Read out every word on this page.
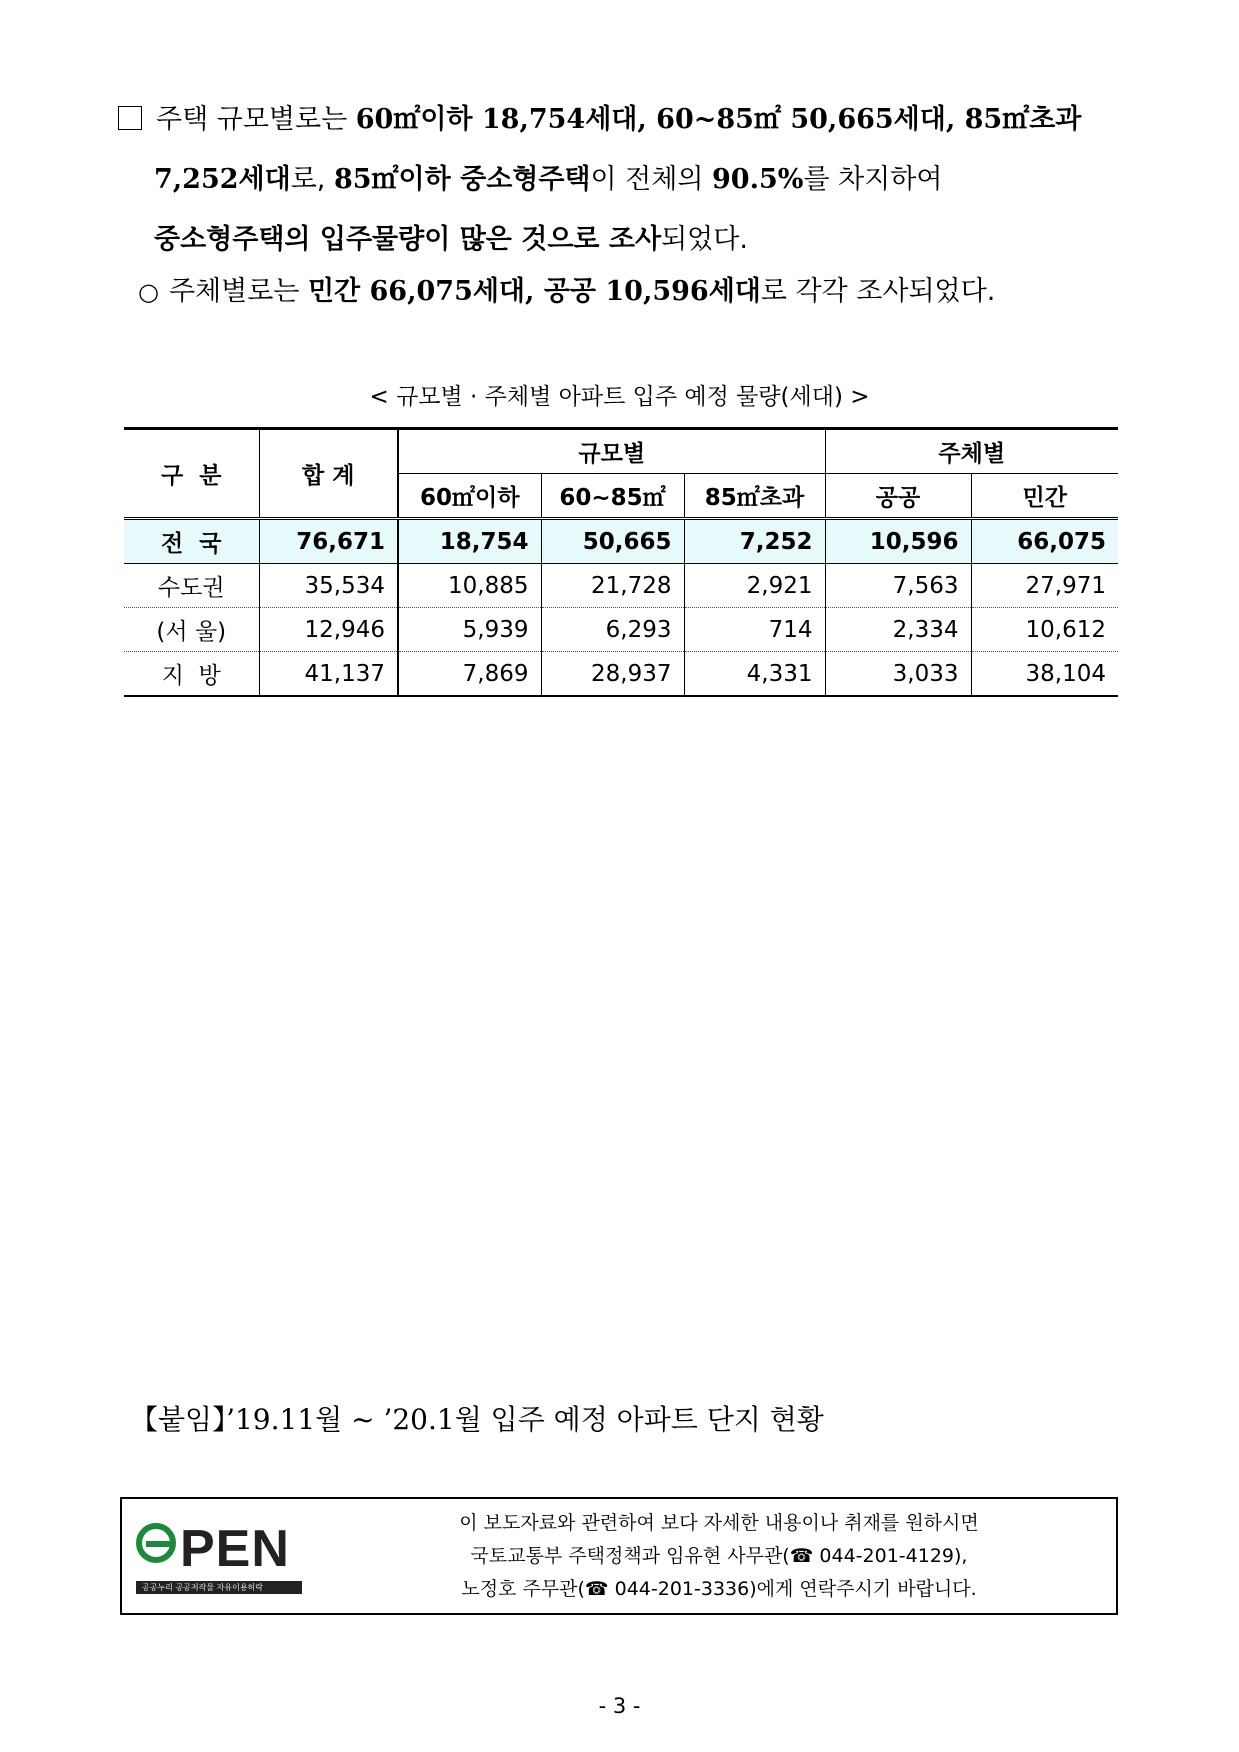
주택 규모별로는 60㎡이하 18,754세대, 60~85㎡ 50,665세대, 85㎡초과
7,252세대로, 85㎡이하 중소형주택이 전체의 90.5%를 차지하여
중소형주택의 입주물량이 많은 것으로 조사되었다.
○ 주체별로는 민간 66,075세대, 공공 10,596세대로 각각 조사되었다.
< 규모별 · 주체별 아파트 입주 예정 물량(세대) >
구  분	합 계	규모별			주체별	
		60㎡이하	60~85㎡	85㎡초과	공공	민간
전  국	76,671	18,754	50,665	7,252	10,596	66,075
수도권	35,534	10,885	21,728	2,921	7,563	27,971
(서 울)	12,946	5,939	6,293	714	2,334	10,612
지  방	41,137	7,869	28,937	4,331	3,033	38,104
【붙임】’19.11월 ~ ’20.1월 입주 예정 아파트 단지 현황
PEN
공공누리 공공저작물 자유이용허락
이 보도자료와 관련하여 보다 자세한 내용이나 취재를 원하시면
국토교통부 주택정책과 임유현 사무관(☎ 044-201-4129),
노정호 주무관(☎ 044-201-3336)에게 연락주시기 바랍니다.
- 3 -
